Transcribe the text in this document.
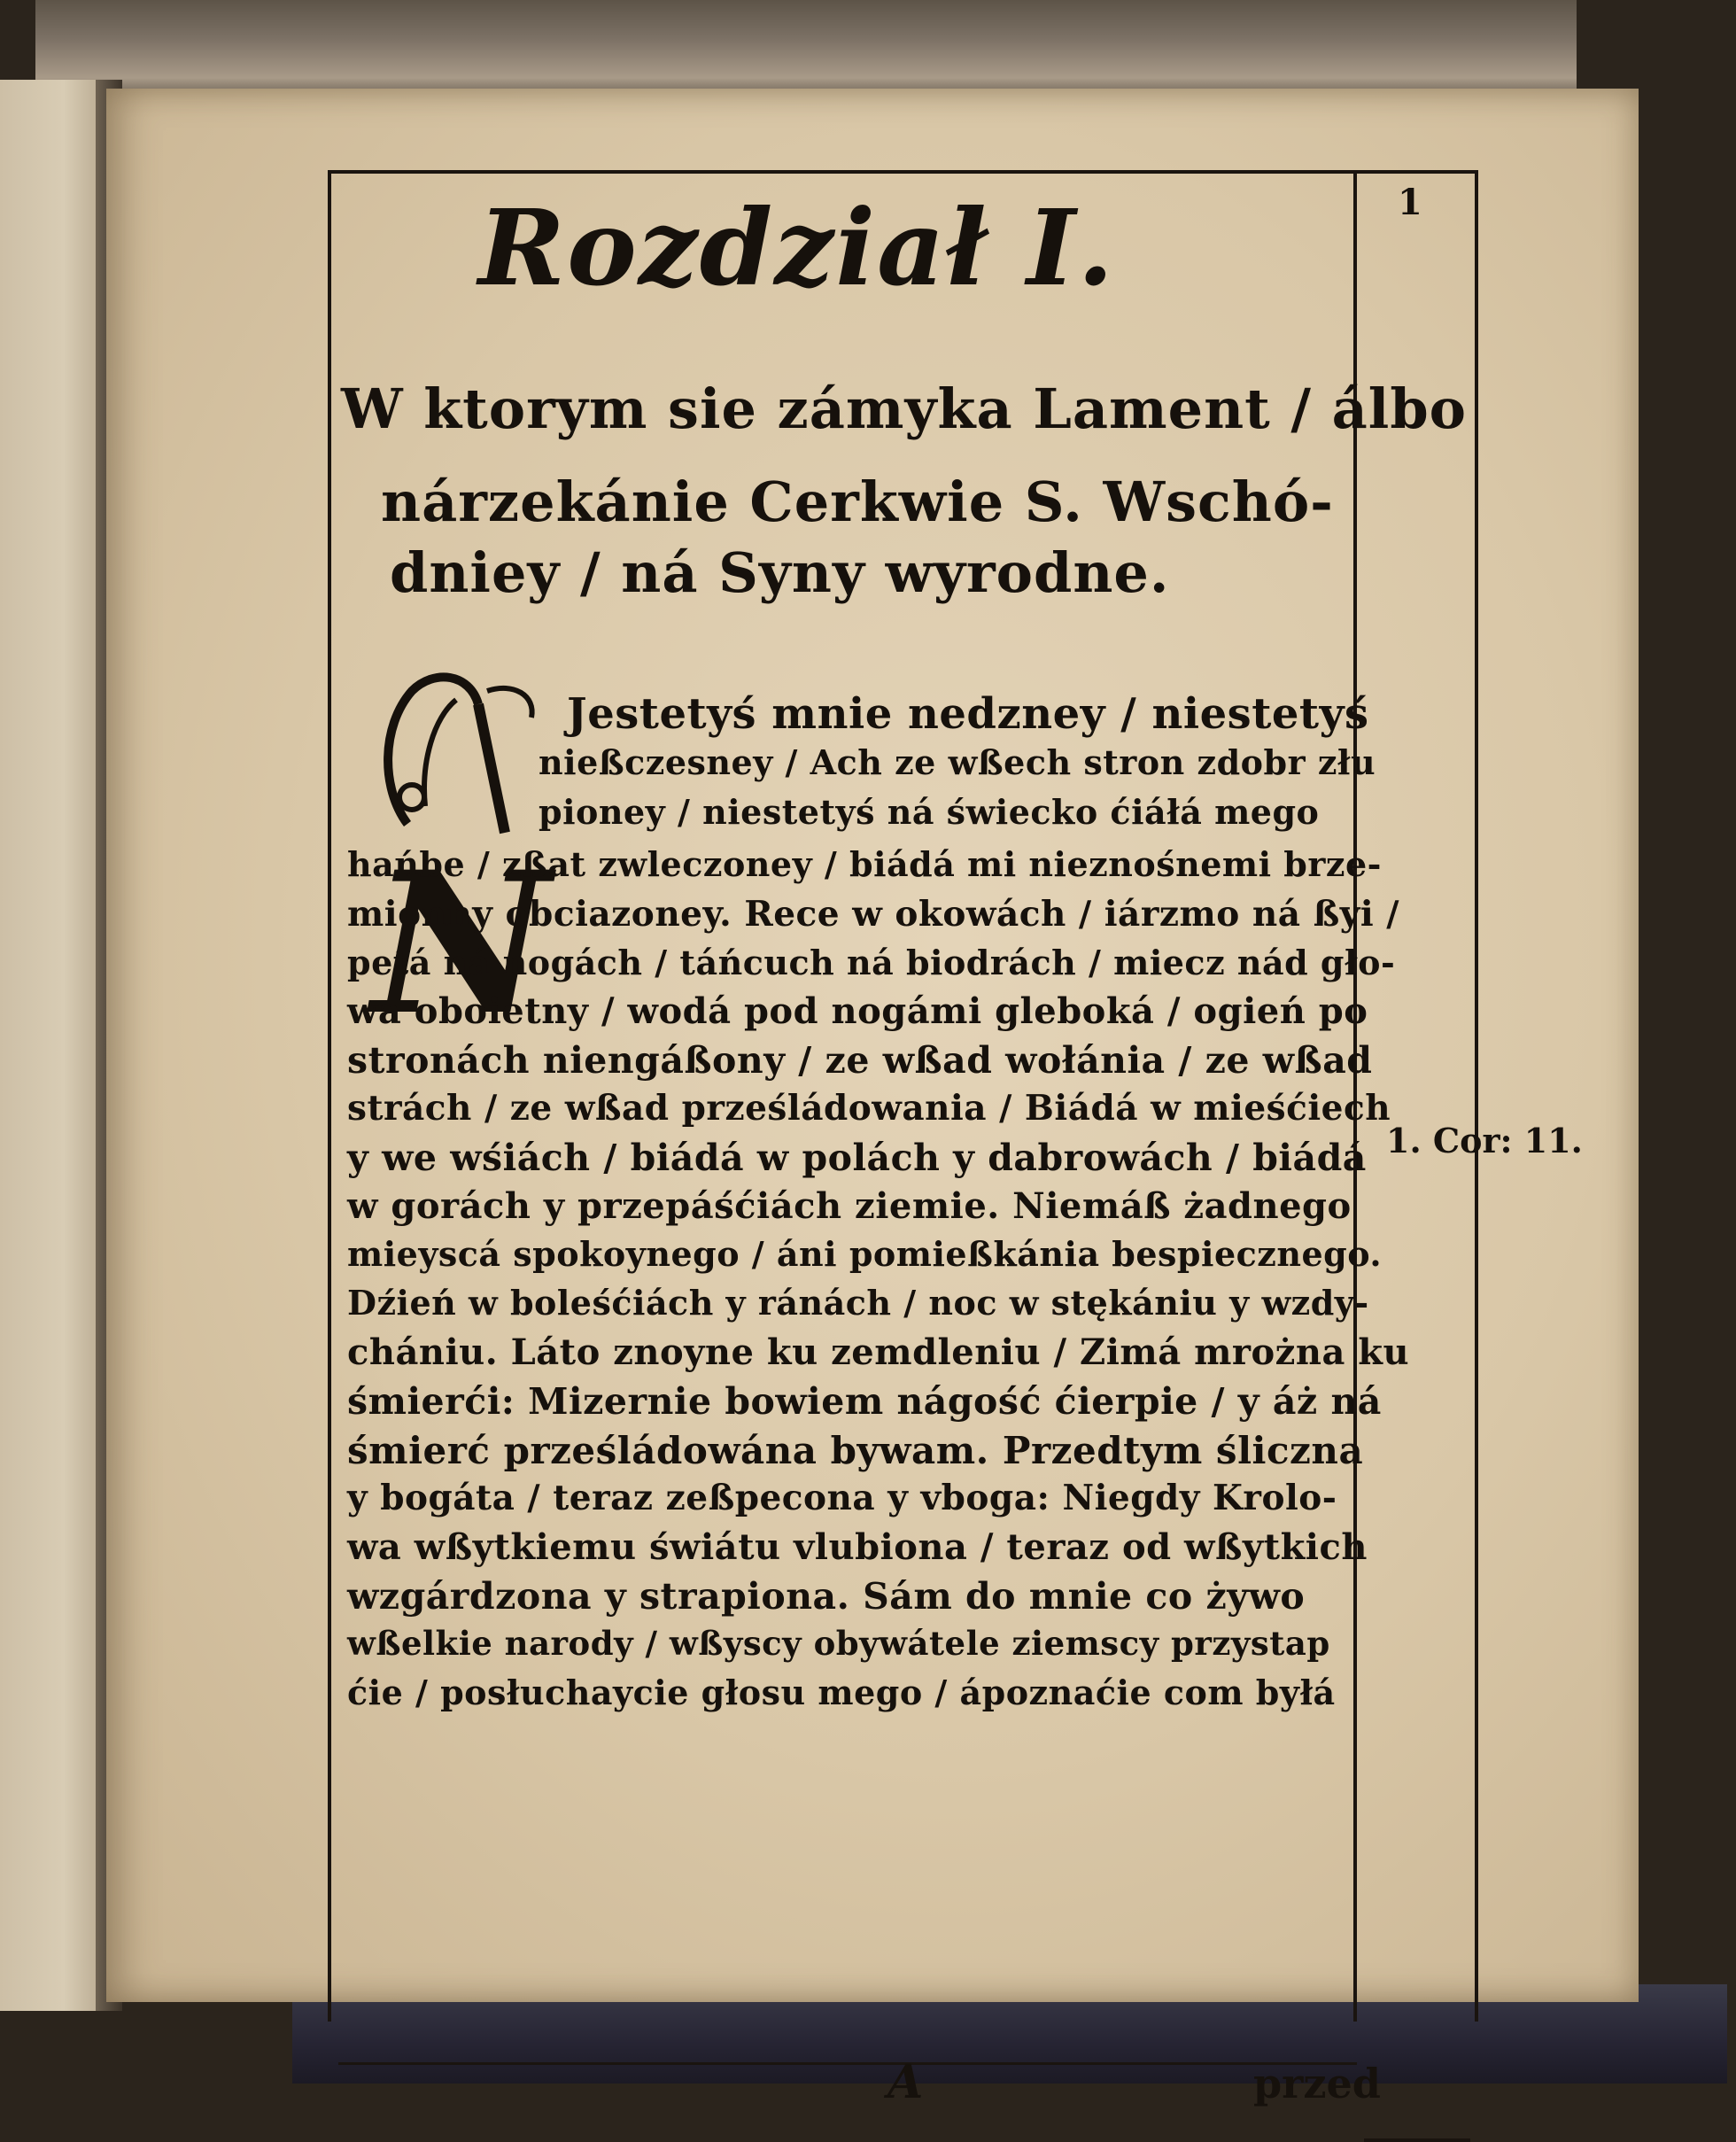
1

Rozdział I.

W ktorym sie zámyka Lament / álbo

nárzekánie Cerkwie S. Wschó-

dniey / ná Syny wyrodne.

N

Jestetyś mnie nedzney / niestetyś

nießczesney / Ach ze wßech stron zdobr złu

pioney / niestetyś ná świecko ćiáłá mego

hańbe / zßat zwleczoney / biádá mi nieznośnemi brze-

mionny obciazoney. Rece w okowách / iárzmo ná ßyi /

petá ná nogách / táńcuch ná biodrách / miecz nád gło-

wa oboietny / wodá pod nogámi gleboká / ogień po

stronách niengáßony / ze wßad wołánia / ze wßad

strách / ze wßad prześládowania / Biádá w mieśćiech

y we wśiách / biádá w polách y dabrowách / biádá

w gorách y przepáśćiách ziemie. Niemáß żadnego

mieyscá spokoynego / áni pomießkánia bespiecznego.

Dźień w boleśćiách y ránách / noc w stękániu y wzdy-

chániu. Láto znoyne ku zemdleniu / Zimá mrożna ku

śmierći: Mizernie bowiem nágość ćierpie / y áż ná

śmierć prześládowána bywam. Przedtym śliczna

y bogáta / teraz zeßpecona y vboga: Niegdy Krolo-

wa wßytkiemu świátu vlubiona / teraz od wßytkich

wzgárdzona y strapiona. Sám do mnie co żywo

wßelkie narody / wßyscy obywátele ziemscy przystap

ćie / posłuchaycie głosu mego / ápoznaćie com byłá

1. Cor: 11.

A	przed
